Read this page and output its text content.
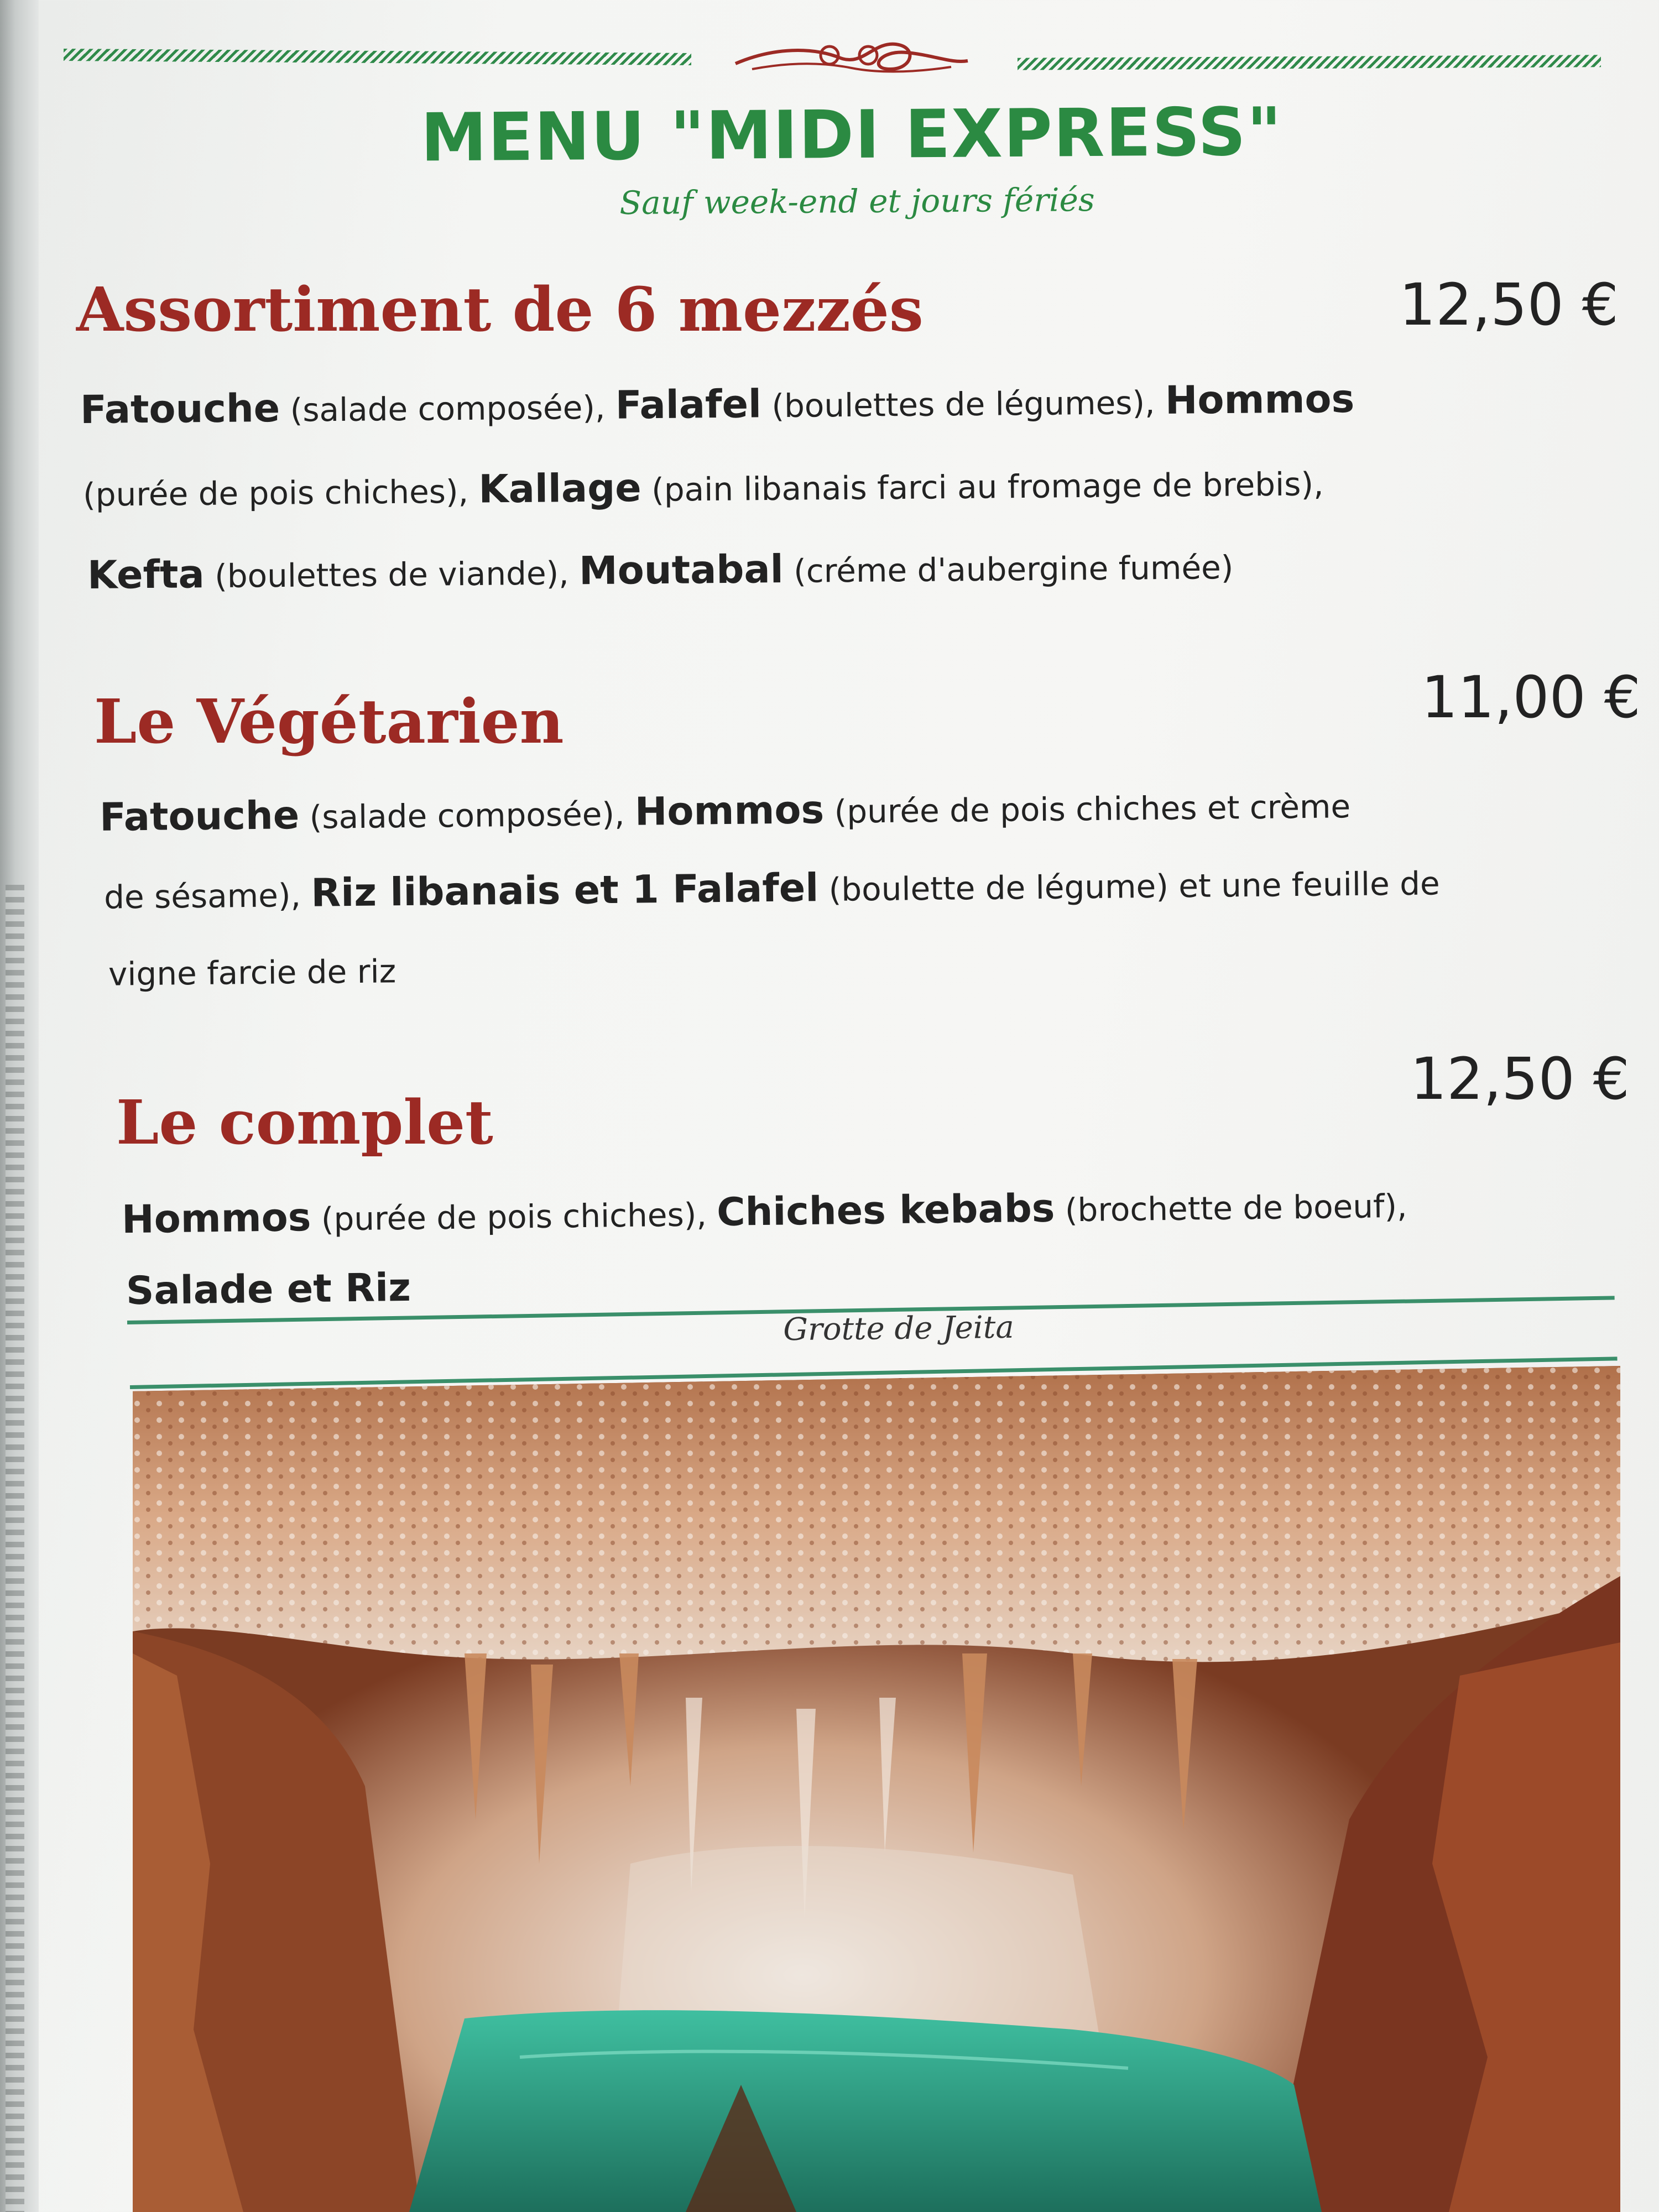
MENU "MIDI EXPRESS"
Sauf week-end et jours fériés
Assortiment de 6 mezzés	12,50 €
Fatouche (salade composée), Falafel (boulettes de légumes), Hommos
(purée de pois chiches), Kallage (pain libanais farci au fromage de brebis),
Kefta (boulettes de viande), Moutabal (créme d'aubergine fumée)
Le Végétarien	11,00 €
Fatouche (salade composée), Hommos (purée de pois chiches et crème
de sésame), Riz libanais et 1 Falafel (boulette de légume) et une feuille de
vigne farcie de riz
Le complet
12,50 €
Hommos (purée de pois chiches), Chiches kebabs (brochette de boeuf),
Salade et Riz
Grotte de Jeita
